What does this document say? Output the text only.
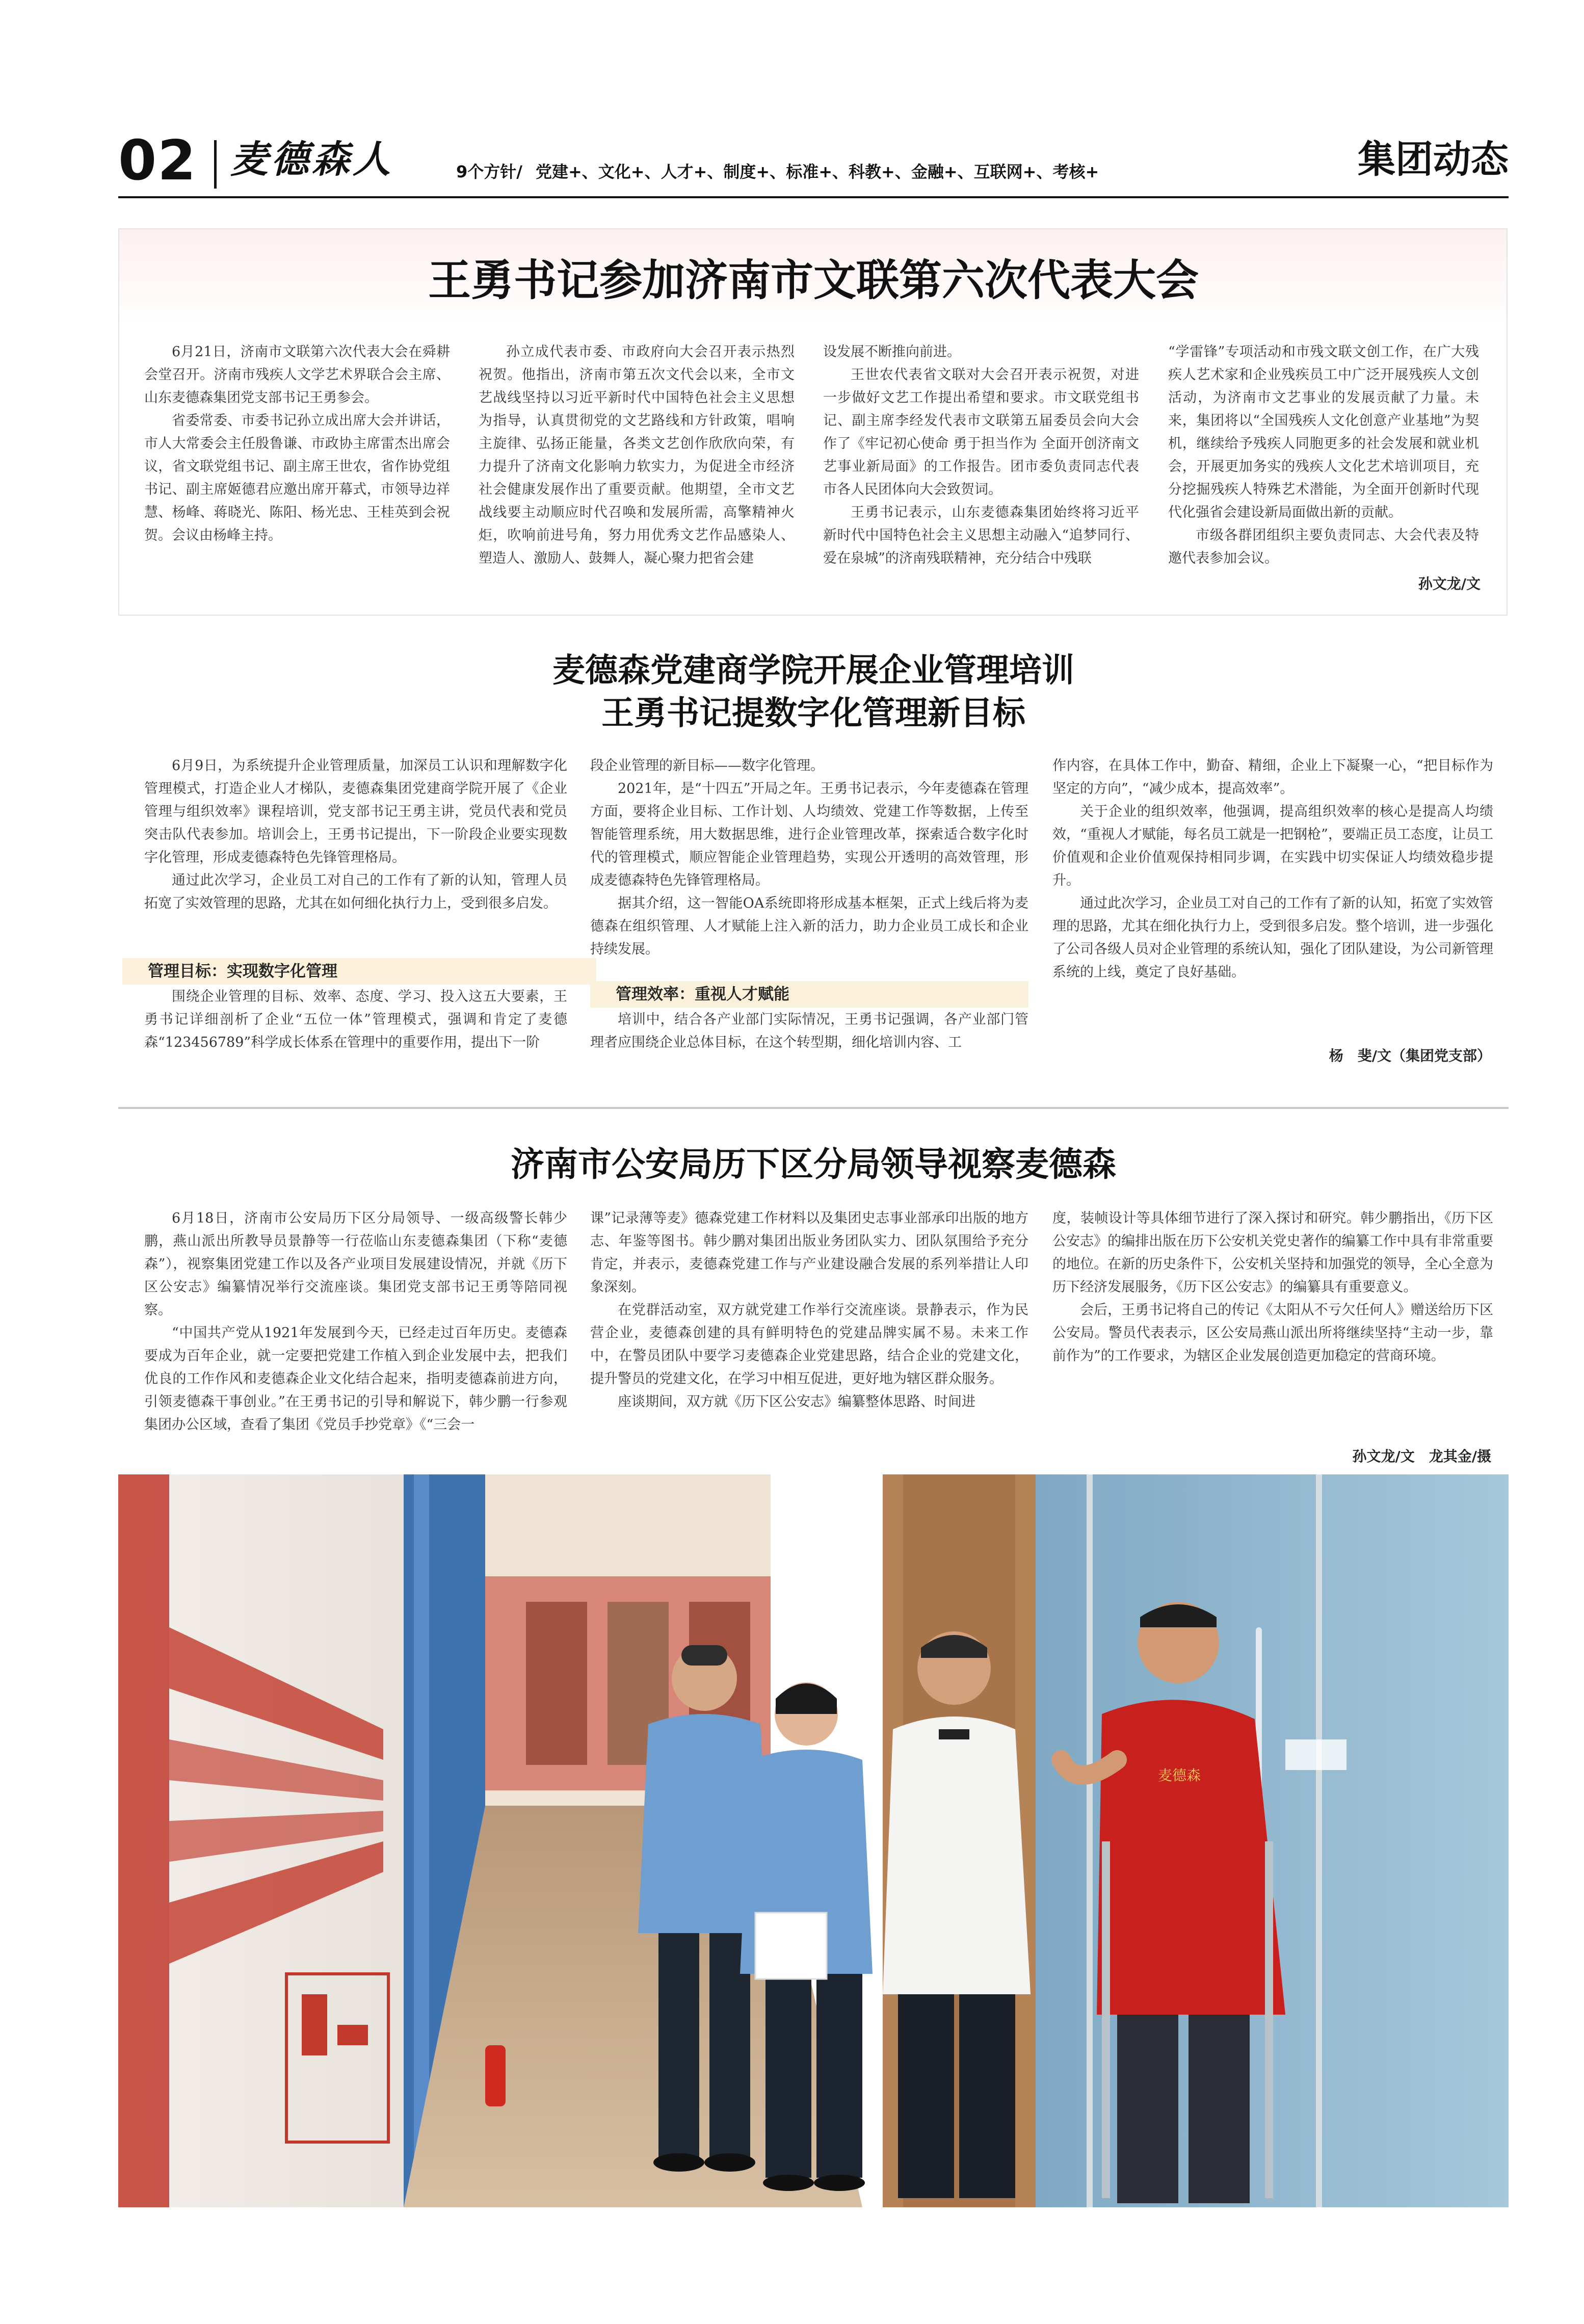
02 麦德森人	9个方针/ 党建+、文化+、人才+、制度+、标准+、科教+、金融+、互联网+、考核+	集团动态
王勇书记参加济南市文联第六次代表大会

6月21日，济南市文联第六次代表大会在舜耕会堂召开。济南市残疾人文学艺术界联合会主席、山东麦德森集团党支部书记王勇参会。

省委常委、市委书记孙立成出席大会并讲话，市人大常委会主任殷鲁谦、市政协主席雷杰出席会议，省文联党组书记、副主席王世农，省作协党组书记、副主席姬德君应邀出席开幕式，市领导边祥慧、杨峰、蒋晓光、陈阳、杨光忠、王桂英到会祝贺。会议由杨峰主持。

孙立成代表市委、市政府向大会召开表示热烈祝贺。他指出，济南市第五次文代会以来，全市文艺战线坚持以习近平新时代中国特色社会主义思想为指导，认真贯彻党的文艺路线和方针政策，唱响主旋律、弘扬正能量，各类文艺创作欣欣向荣，有力提升了济南文化影响力软实力，为促进全市经济社会健康发展作出了重要贡献。他期望，全市文艺战线要主动顺应时代召唤和发展所需，高擎精神火炬，吹响前进号角，努力用优秀文艺作品感染人、塑造人、激励人、鼓舞人，凝心聚力把省会建

设发展不断推向前进。

王世农代表省文联对大会召开表示祝贺，对进一步做好文艺工作提出希望和要求。市文联党组书记、副主席李经发代表市文联第五届委员会向大会作了《牢记初心使命 勇于担当作为 全面开创济南文艺事业新局面》的工作报告。团市委负责同志代表市各人民团体向大会致贺词。

王勇书记表示，山东麦德森集团始终将习近平新时代中国特色社会主义思想主动融入“追梦同行、爱在泉城”的济南残联精神，充分结合中残联

“学雷锋”专项活动和市残文联文创工作，在广大残疾人艺术家和企业残疾员工中广泛开展残疾人文创活动，为济南市文艺事业的发展贡献了力量。未来，集团将以“全国残疾人文化创意产业基地”为契机，继续给予残疾人同胞更多的社会发展和就业机会，开展更加务实的残疾人文化艺术培训项目，充分挖掘残疾人特殊艺术潜能，为全面开创新时代现代化强省会建设新局面做出新的贡献。

市级各群团组织主要负责同志、大会代表及特邀代表参加会议。

孙文龙/文
麦德森党建商学院开展企业管理培训
王勇书记提数字化管理新目标

6月9日，为系统提升企业管理质量，加深员工认识和理解数字化管理模式，打造企业人才梯队，麦德森集团党建商学院开展了《企业管理与组织效率》课程培训，党支部书记王勇主讲，党员代表和党员突击队代表参加。培训会上，王勇书记提出，下一阶段企业要实现数字化管理，形成麦德森特色先锋管理格局。

通过此次学习，企业员工对自己的工作有了新的认知，管理人员拓宽了实效管理的思路，尤其在如何细化执行力上，受到很多启发。

管理目标：实现数字化管理

围绕企业管理的目标、效率、态度、学习、投入这五大要素，王勇书记详细剖析了企业“五位一体”管理模式，强调和肯定了麦德森“123456789”科学成长体系在管理中的重要作用，提出下一阶

段企业管理的新目标——数字化管理。

2021年，是“十四五”开局之年。王勇书记表示，今年麦德森在管理方面，要将企业目标、工作计划、人均绩效、党建工作等数据，上传至智能管理系统，用大数据思维，进行企业管理改革，探索适合数字化时代的管理模式，顺应智能企业管理趋势，实现公开透明的高效管理，形成麦德森特色先锋管理格局。

据其介绍，这一智能OA系统即将形成基本框架，正式上线后将为麦德森在组织管理、人才赋能上注入新的活力，助力企业员工成长和企业持续发展。

管理效率：重视人才赋能

培训中，结合各产业部门实际情况，王勇书记强调，各产业部门管理者应围绕企业总体目标，在这个转型期，细化培训内容、工

作内容，在具体工作中，勤奋、精细，企业上下凝聚一心，“把目标作为坚定的方向”，“减少成本，提高效率”。

关于企业的组织效率，他强调，提高组织效率的核心是提高人均绩效，“重视人才赋能，每名员工就是一把钢枪”，要端正员工态度，让员工价值观和企业价值观保持相同步调，在实践中切实保证人均绩效稳步提升。

通过此次学习，企业员工对自己的工作有了新的认知，拓宽了实效管理的思路，尤其在细化执行力上，受到很多启发。整个培训，进一步强化了公司各级人员对企业管理的系统认知，强化了团队建设，为公司新管理系统的上线，奠定了良好基础。

杨　斐/文（集团党支部）
济南市公安局历下区分局领导视察麦德森

6月18日，济南市公安局历下区分局领导、一级高级警长韩少鹏，燕山派出所教导员景静等一行莅临山东麦德森集团（下称“麦德森”），视察集团党建工作以及各产业项目发展建设情况，并就《历下区公安志》编纂情况举行交流座谈。集团党支部书记王勇等陪同视察。

“中国共产党从1921年发展到今天，已经走过百年历史。麦德森要成为百年企业，就一定要把党建工作植入到企业发展中去，把我们优良的工作作风和麦德森企业文化结合起来，指明麦德森前进方向，引领麦德森干事创业。”在王勇书记的引导和解说下，韩少鹏一行参观集团办公区域，查看了集团《党员手抄党章》《“三会一

课”记录薄等麦》德森党建工作材料以及集团史志事业部承印出版的地方志、年鉴等图书。韩少鹏对集团出版业务团队实力、团队氛围给予充分肯定，并表示，麦德森党建工作与产业建设融合发展的系列举措让人印象深刻。

在党群活动室，双方就党建工作举行交流座谈。景静表示，作为民营企业，麦德森创建的具有鲜明特色的党建品牌实属不易。未来工作中，在警员团队中要学习麦德森企业党建思路，结合企业的党建文化，提升警员的党建文化，在学习中相互促进，更好地为辖区群众服务。

座谈期间，双方就《历下区公安志》编纂整体思路、时间进

度，装帧设计等具体细节进行了深入探讨和研究。韩少鹏指出，《历下区公安志》的编排出版在历下公安机关党史著作的编纂工作中具有非常重要的地位。在新的历史条件下，公安机关坚持和加强党的领导，全心全意为历下经济发展服务，《历下区公安志》的编纂具有重要意义。

会后，王勇书记将自己的传记《太阳从不亏欠任何人》赠送给历下区公安局。警员代表表示，区公安局燕山派出所将继续坚持“主动一步，靠前作为”的工作要求，为辖区企业发展创造更加稳定的营商环境。

孙文龙/文　龙其金/摄
麦德森
